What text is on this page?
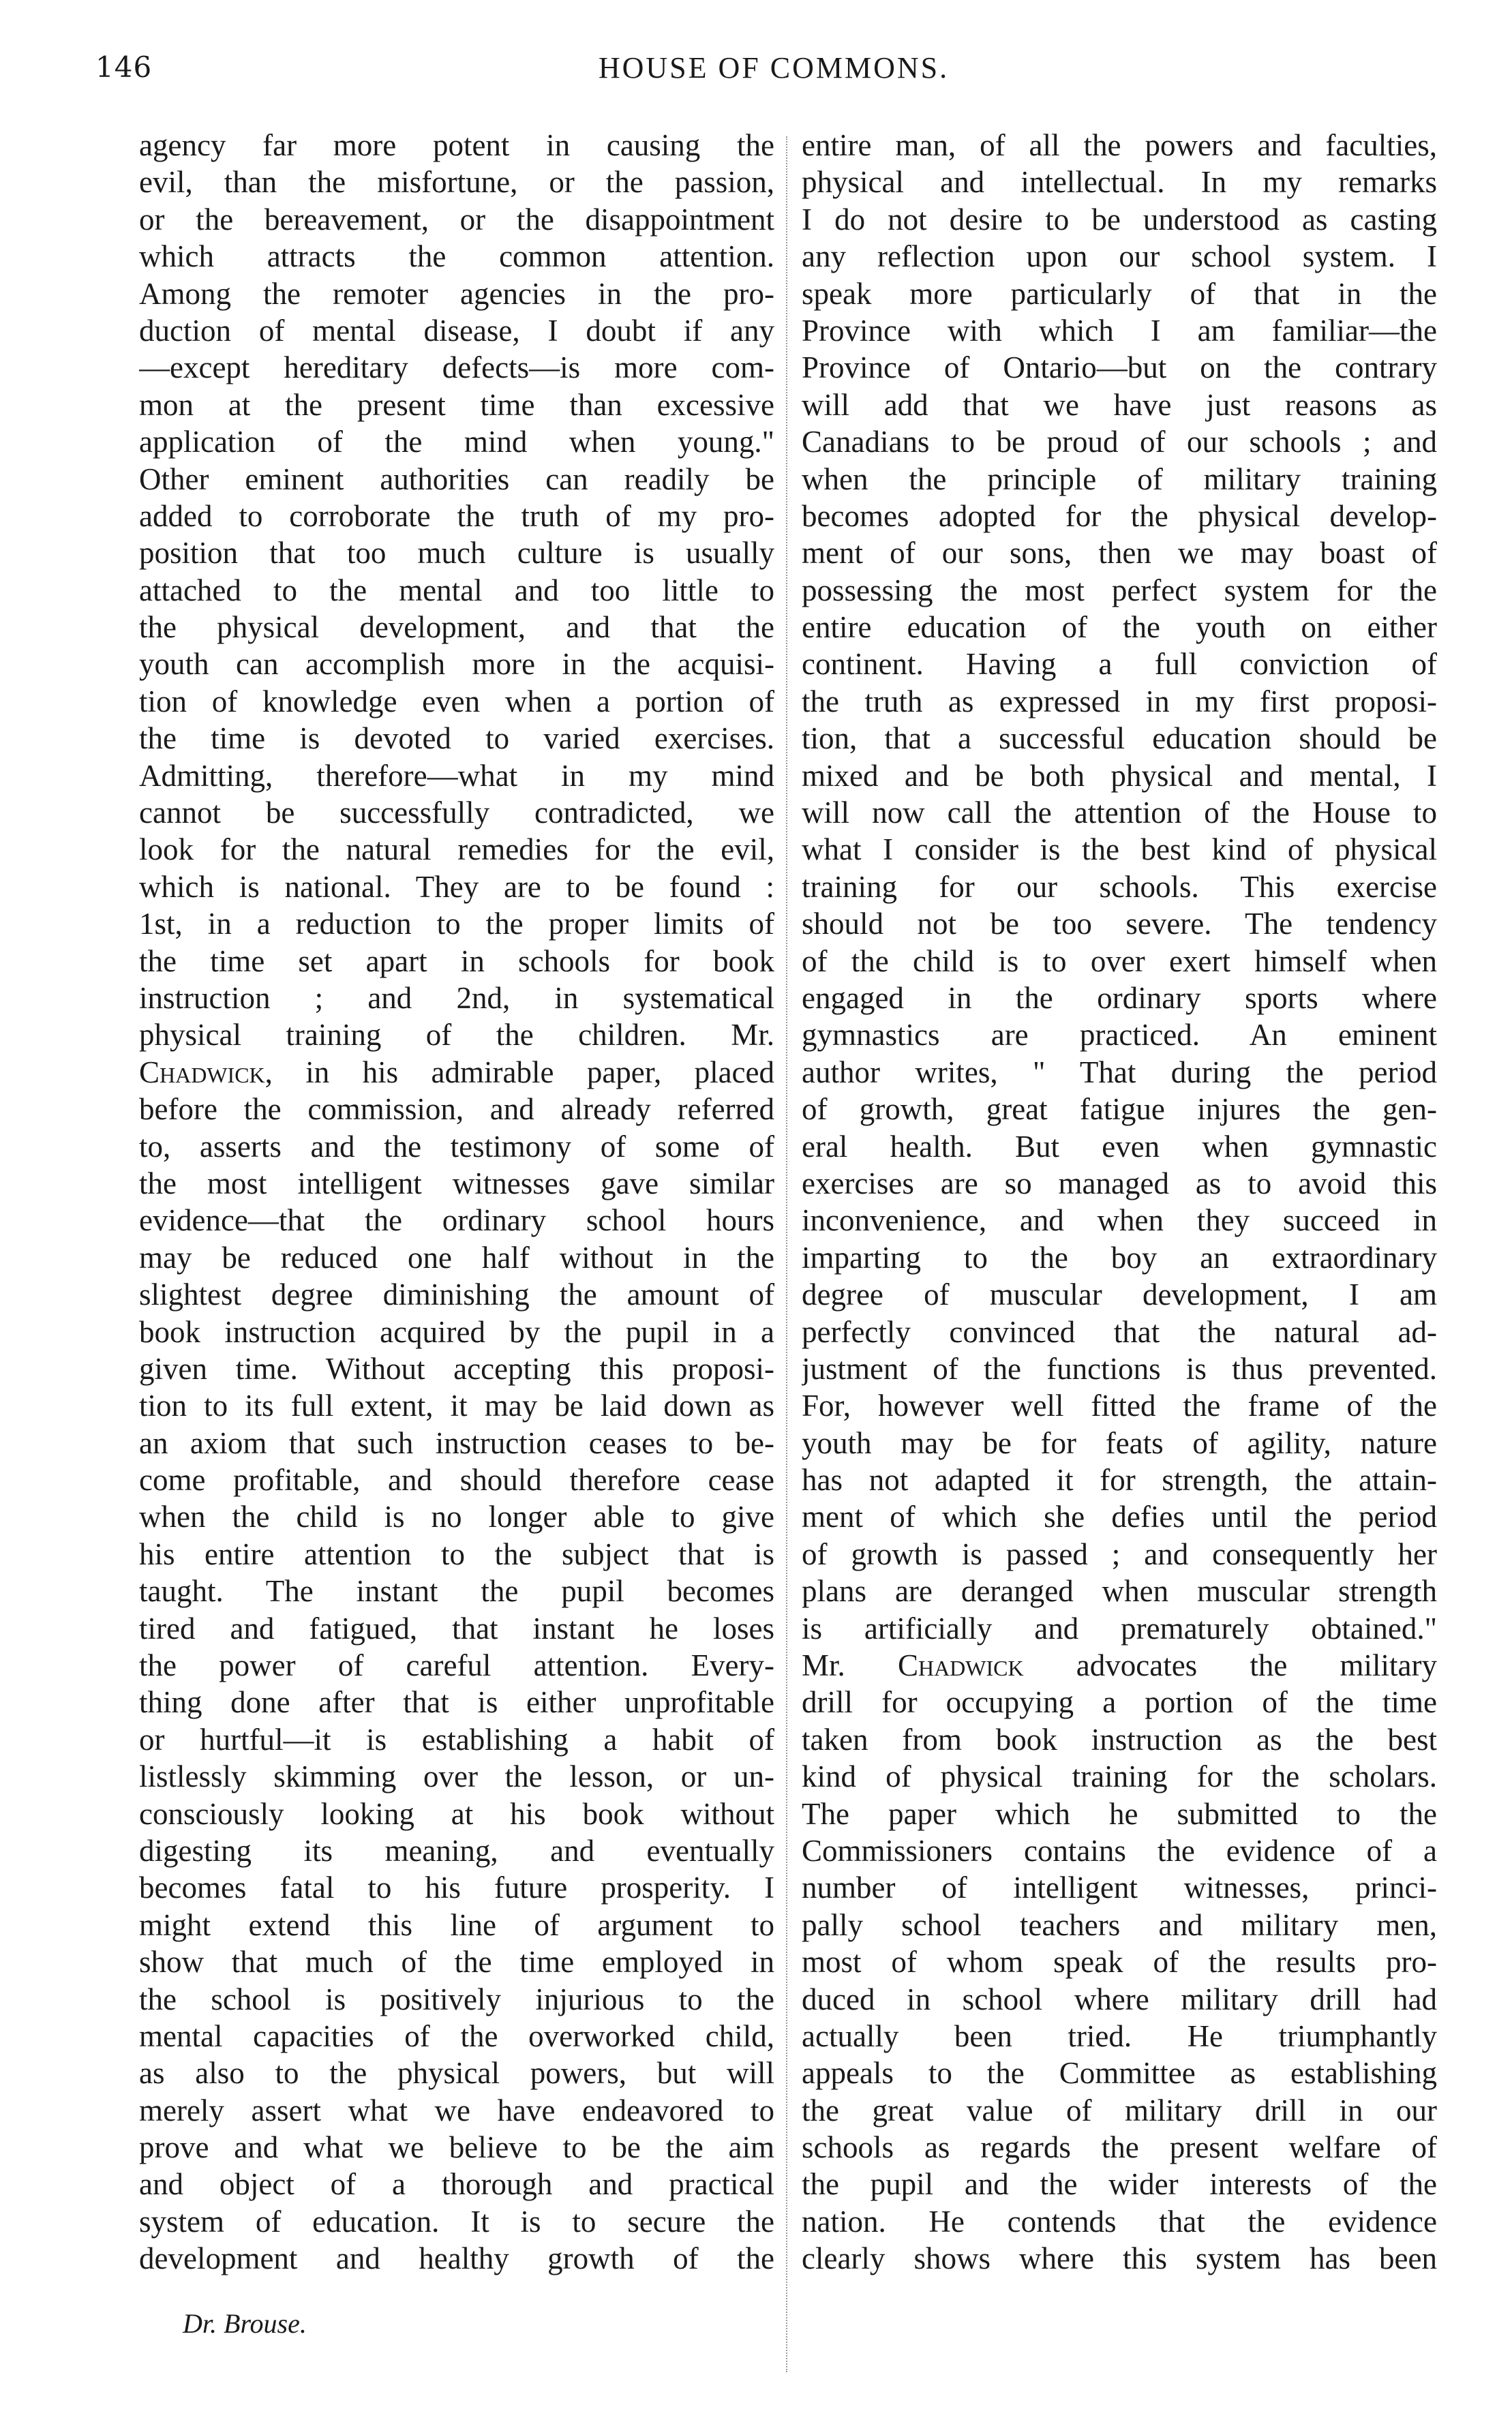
146	HOUSE OF COMMONS.
agency far more potent in causing the
evil, than the misfortune, or the passion,
or the bereavement, or the disappointment
which attracts the common attention.
Among the remoter agencies in the pro-
duction of mental disease, I doubt if any
—except hereditary defects—is more com-
mon at the present time than excessive
application of the mind when young."
Other eminent authorities can readily be
added to corroborate the truth of my pro-
position that too much culture is usually
attached to the mental and too little to
the physical development, and that the
youth can accomplish more in the acquisi-
tion of knowledge even when a portion of
the time is devoted to varied exercises.
Admitting, therefore—what in my mind
cannot be successfully contradicted, we
look for the natural remedies for the evil,
which is national. They are to be found :
1st, in a reduction to the proper limits of
the time set apart in schools for book
instruction ; and 2nd, in systematical
physical training of the children. Mr.
Chadwick, in his admirable paper, placed
before the commission, and already referred
to, asserts and the testimony of some of
the most intelligent witnesses gave similar
evidence—that the ordinary school hours
may be reduced one half without in the
slightest degree diminishing the amount of
book instruction acquired by the pupil in a
given time. Without accepting this proposi-
tion to its full extent, it may be laid down as
an axiom that such instruction ceases to be-
come profitable, and should therefore cease
when the child is no longer able to give
his entire attention to the subject that is
taught. The instant the pupil becomes
tired and fatigued, that instant he loses
the power of careful attention. Every-
thing done after that is either unprofitable
or hurtful—it is establishing a habit of
listlessly skimming over the lesson, or un-
consciously looking at his book without
digesting its meaning, and eventually
becomes fatal to his future prosperity. I
might extend this line of argument to
show that much of the time employed in
the school is positively injurious to the
mental capacities of the overworked child,
as also to the physical powers, but will
merely assert what we have endeavored to
prove and what we believe to be the aim
and object of a thorough and practical
system of education. It is to secure the
development and healthy growth of the
entire man, of all the powers and faculties,
physical and intellectual. In my remarks
I do not desire to be understood as casting
any reflection upon our school system. I
speak more particularly of that in the
Province with which I am familiar—the
Province of Ontario—but on the contrary
will add that we have just reasons as
Canadians to be proud of our schools ; and
when the principle of military training
becomes adopted for the physical develop-
ment of our sons, then we may boast of
possessing the most perfect system for the
entire education of the youth on either
continent. Having a full conviction of
the truth as expressed in my first proposi-
tion, that a successful education should be
mixed and be both physical and mental, I
will now call the attention of the House to
what I consider is the best kind of physical
training for our schools. This exercise
should not be too severe. The tendency
of the child is to over exert himself when
engaged in the ordinary sports where
gymnastics are practiced. An eminent
author writes, " That during the period
of growth, great fatigue injures the gen-
eral health. But even when gymnastic
exercises are so managed as to avoid this
inconvenience, and when they succeed in
imparting to the boy an extraordinary
degree of muscular development, I am
perfectly convinced that the natural ad-
justment of the functions is thus prevented.
For, however well fitted the frame of the
youth may be for feats of agility, nature
has not adapted it for strength, the attain-
ment of which she defies until the period
of growth is passed ; and consequently her
plans are deranged when muscular strength
is artificially and prematurely obtained."
Mr. Chadwick advocates the military
drill for occupying a portion of the time
taken from book instruction as the best
kind of physical training for the scholars.
The paper which he submitted to the
Commissioners contains the evidence of a
number of intelligent witnesses, princi-
pally school teachers and military men,
most of whom speak of the results pro-
duced in school where military drill had
actually been tried. He triumphantly
appeals to the Committee as establishing
the great value of military drill in our
schools as regards the present welfare of
the pupil and the wider interests of the
nation. He contends that the evidence
clearly shows where this system has been
Dr. Brouse.
